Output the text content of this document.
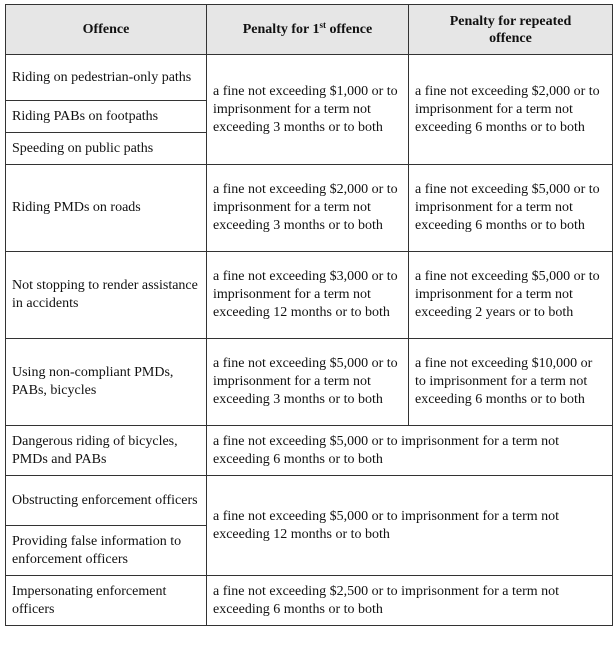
Offence	Penalty for 1st offence	Penalty for repeated
offence
Riding on pedestrian-only paths	a fine not exceeding $1,000 or to imprisonment for a term not exceeding 3 months or to both	a fine not exceeding $2,000 or to imprisonment for a term not exceeding 6 months or to both
Riding PABs on footpaths		
Speeding on public paths		
Riding PMDs on roads	a fine not exceeding $2,000 or to imprisonment for a term not exceeding 3 months or to both	a fine not exceeding $5,000 or to imprisonment for a term not exceeding 6 months or to both
Not stopping to render assistance in accidents	a fine not exceeding $3,000 or to imprisonment for a term not exceeding 12 months or to both	a fine not exceeding $5,000 or to imprisonment for a term not exceeding 2 years or to both
Using non-compliant PMDs, PABs, bicycles	a fine not exceeding $5,000 or to imprisonment for a term not exceeding 3 months or to both	a fine not exceeding $10,000 or to imprisonment for a term not exceeding 6 months or to both
Dangerous riding of bicycles, PMDs and PABs	a fine not exceeding $5,000 or to imprisonment for a term not exceeding 6 months or to both	
Obstructing enforcement officers	a fine not exceeding $5,000 or to imprisonment for a term not exceeding 12 months or to both	
Providing false information to enforcement officers		
Impersonating enforcement officers	a fine not exceeding $2,500 or to imprisonment for a term not exceeding 6 months or to both	
